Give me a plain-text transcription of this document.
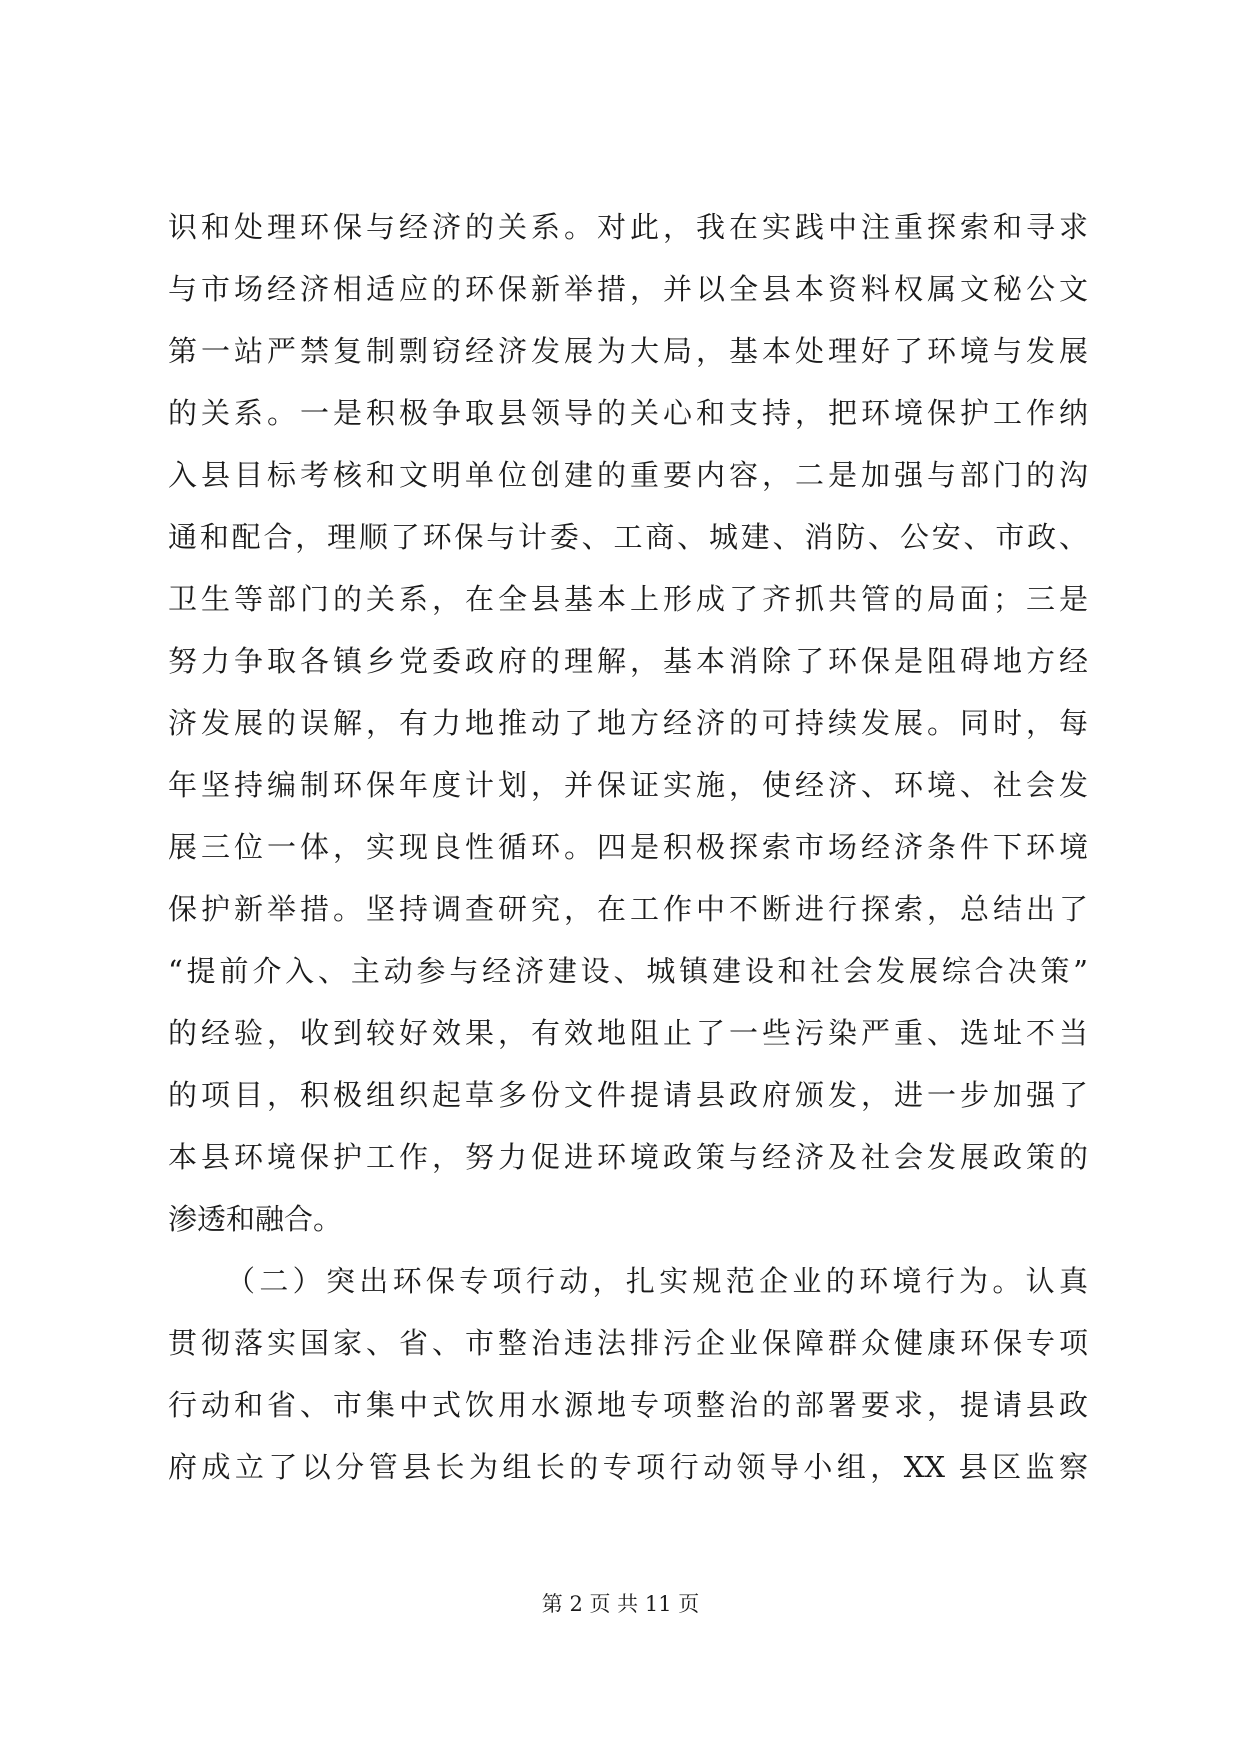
识和处理环保与经济的关系。对此，我在实践中注重探索和寻求
与市场经济相适应的环保新举措，并以全县本资料权属文秘公文
第一站严禁复制剽窃经济发展为大局，基本处理好了环境与发展
的关系。一是积极争取县领导的关心和支持，把环境保护工作纳
入县目标考核和文明单位创建的重要内容，二是加强与部门的沟
通和配合，理顺了环保与计委、工商、城建、消防、公安、市政、
卫生等部门的关系，在全县基本上形成了齐抓共管的局面；三是
努力争取各镇乡党委政府的理解，基本消除了环保是阻碍地方经
济发展的误解，有力地推动了地方经济的可持续发展。同时，每
年坚持编制环保年度计划，并保证实施，使经济、环境、社会发
展三位一体，实现良性循环。四是积极探索市场经济条件下环境
保护新举措。坚持调查研究，在工作中不断进行探索，总结出了
“提前介入、主动参与经济建设、城镇建设和社会发展综合决策”
的经验，收到较好效果，有效地阻止了一些污染严重、选址不当
的项目，积极组织起草多份文件提请县政府颁发，进一步加强了
本县环境保护工作，努力促进环境政策与经济及社会发展政策的
渗透和融合。
（二）突出环保专项行动，扎实规范企业的环境行为。认真
贯彻落实国家、省、市整治违法排污企业保障群众健康环保专项
行动和省、市集中式饮用水源地专项整治的部署要求，提请县政
府成立了以分管县长为组长的专项行动领导小组，XX 县区监察
第 2 页 共 11 页
